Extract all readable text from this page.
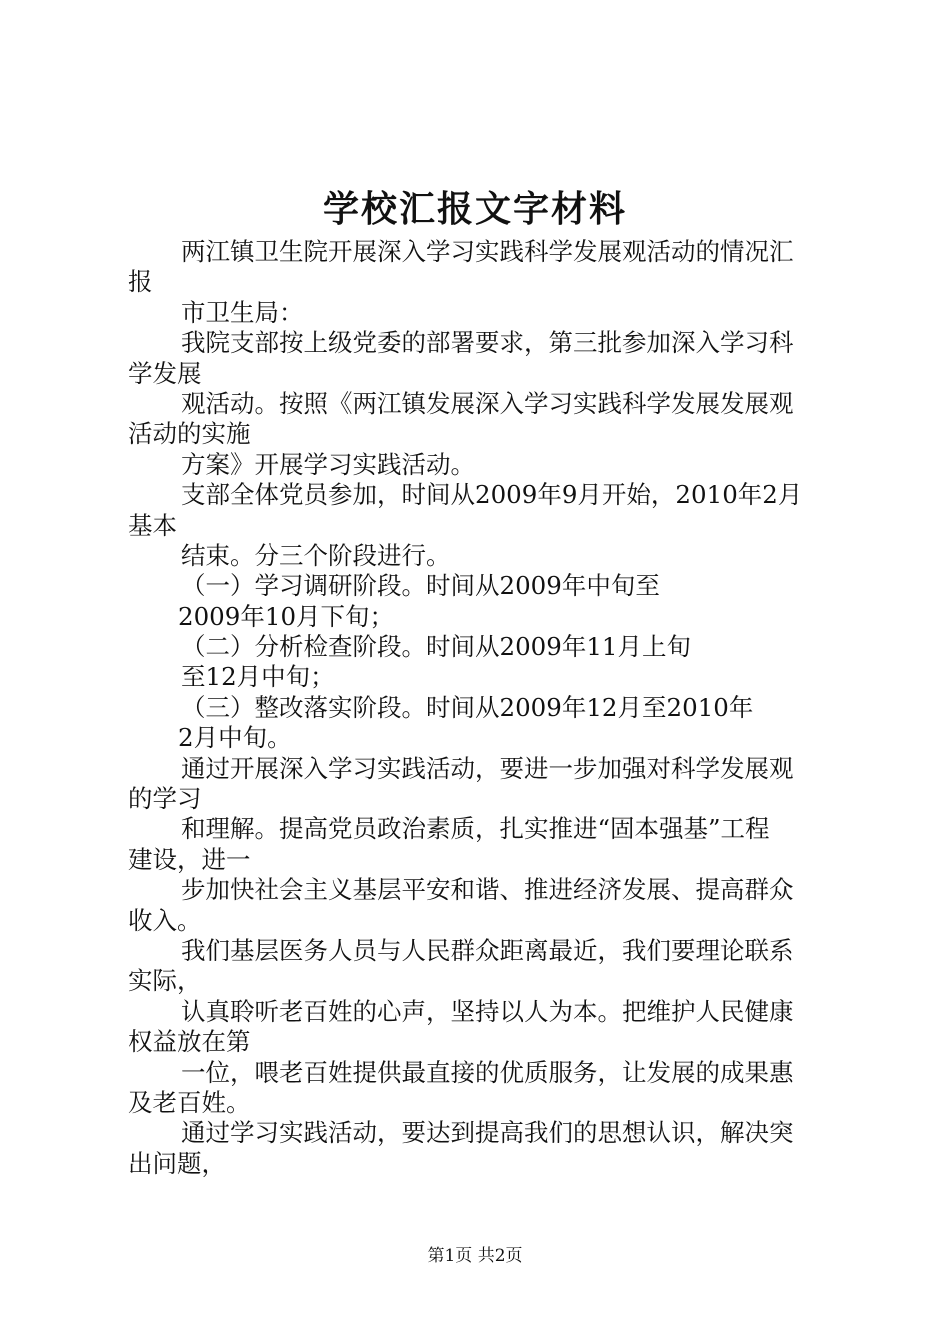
学校汇报文字材料
两江镇卫生院开展深入学习实践科学发展观活动的情况汇
报
市卫生局：
我院支部按上级党委的部署要求，第三批参加深入学习科
学发展
观活动。按照《两江镇发展深入学习实践科学发展发展观
活动的实施
方案》开展学习实践活动。
支部全体党员参加，时间从2009年9月开始，2010年2月
基本
结束。分三个阶段进行。
（一）学习调研阶段。时间从2009年中旬至
2009年10月下旬；
（二）分析检查阶段。时间从2009年11月上旬
至12月中旬；
（三）整改落实阶段。时间从2009年12月至2010年
2月中旬。
通过开展深入学习实践活动，要进一步加强对科学发展观
的学习
和理解。提高党员政治素质，扎实推进“固本强基”工程
建设，进一
步加快社会主义基层平安和谐、推进经济发展、提高群众
收入。
我们基层医务人员与人民群众距离最近，我们要理论联系
实际，
认真聆听老百姓的心声，坚持以人为本。把维护人民健康
权益放在第
一位，喂老百姓提供最直接的优质服务，让发展的成果惠
及老百姓。
通过学习实践活动，要达到提高我们的思想认识，解决突
出问题，
第1页 共2页
